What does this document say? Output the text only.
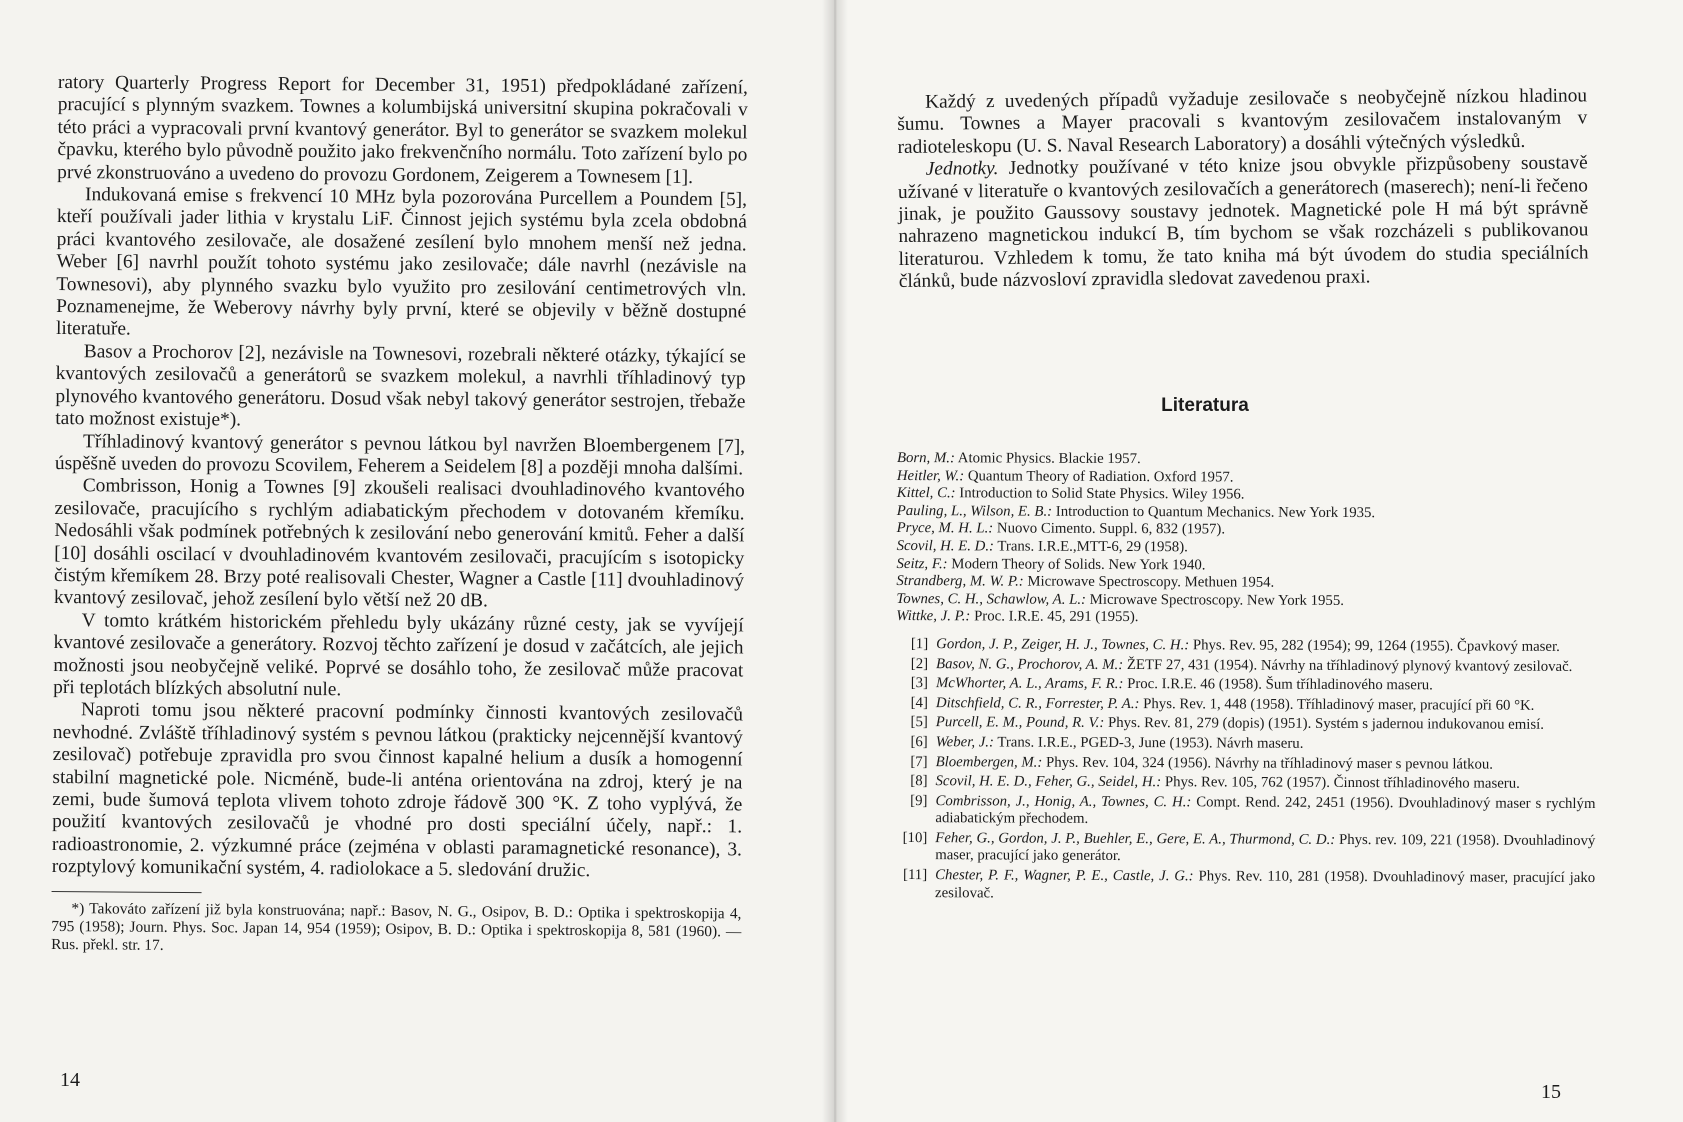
ratory Quarterly Progress Report for December 31, 1951) předpokládané zařízení, pracující s plynným svazkem. Townes a kolumbijská universitní skupina pokračovali v této práci a vypracovali první kvantový generátor. Byl to generátor se svazkem molekul čpavku, kterého bylo původně použito jako frekvenčního normálu. Toto zařízení bylo po prvé zkonstruováno a uvedeno do provozu Gordonem, Zeigerem a Townesem [1].

Indukovaná emise s frekvencí 10 MHz byla pozorována Purcellem a Poundem [5], kteří používali jader lithia v krystalu LiF. Činnost jejich systému byla zcela obdobná práci kvantového zesilovače, ale dosažené zesílení bylo mnohem menší než jedna. Weber [6] navrhl použít tohoto systému jako zesilovače; dále navrhl (nezávisle na Townesovi), aby plynného svazku bylo využito pro zesilování centimetrových vln. Poznamenejme, že Weberovy návrhy byly první, které se objevily v běžně dostupné literatuře.

Basov a Prochorov [2], nezávisle na Townesovi, rozebrali některé otázky, týkající se kvantových zesilovačů a generátorů se svazkem molekul, a navrhli tříhladinový typ plynového kvantového generátoru. Dosud však nebyl takový generátor sestrojen, třebaže tato možnost existuje*).

Tříhladinový kvantový generátor s pevnou látkou byl navržen Bloembergenem [7], úspěšně uveden do provozu Scovilem, Feherem a Seidelem [8] a později mnoha dalšími.

Combrisson, Honig a Townes [9] zkoušeli realisaci dvouhladinového kvantového zesilovače, pracujícího s rychlým adiabatickým přechodem v dotovaném křemíku. Nedosáhli však podmínek potřebných k zesilování nebo generování kmitů. Feher a další [10] dosáhli oscilací v dvouhladinovém kvantovém zesilovači, pracujícím s isotopicky čistým křemíkem 28. Brzy poté realisovali Chester, Wagner a Castle [11] dvouhladinový kvantový zesilovač, jehož zesílení bylo větší než 20 dB.

V tomto krátkém historickém přehledu byly ukázány různé cesty, jak se vyvíjejí kvantové zesilovače a generátory. Rozvoj těchto zařízení je dosud v začátcích, ale jejich možnosti jsou neobyčejně veliké. Poprvé se dosáhlo toho, že zesilovač může pracovat při teplotách blízkých absolutní nule.

Naproti tomu jsou některé pracovní podmínky činnosti kvantových zesilovačů nevhodné. Zvláště tříhladinový systém s pevnou látkou (prakticky nejcennější kvantový zesilovač) potřebuje zpravidla pro svou činnost kapalné helium a dusík a homogenní stabilní magnetické pole. Nicméně, bude-li anténa orientována na zdroj, který je na zemi, bude šumová teplota vlivem tohoto zdroje řádově 300 °K. Z toho vyplývá, že použití kvantových zesilovačů je vhodné pro dosti speciální účely, např.: 1. radioastronomie, 2. výzkumné práce (zejména v oblasti paramagnetické resonance), 3. rozptylový komunikační systém, 4. radiolokace a 5. sledování družic.

*) Takováto zařízení již byla konstruována; např.: Basov, N. G., Osipov, B. D.: Optika i spektroskopija 4, 795 (1958); Journ. Phys. Soc. Japan 14, 954 (1959); Osipov, B. D.: Optika i spektroskopija 8, 581 (1960). — Rus. překl. str. 17.

14

Každý z uvedených případů vyžaduje zesilovače s neobyčejně nízkou hladinou šumu. Townes a Mayer pracovali s kvantovým zesilovačem instalovaným v radioteleskopu (U. S. Naval Research Laboratory) a dosáhli výtečných výsledků.

Jednotky. Jednotky používané v této knize jsou obvykle přizpůsobeny soustavě užívané v literatuře o kvantových zesilovačích a generátorech (maserech); není-li řečeno jinak, je použito Gaussovy soustavy jednotek. Magnetické pole H má být správně nahrazeno magnetickou indukcí B, tím bychom se však rozcházeli s publikovanou literaturou. Vzhledem k tomu, že tato kniha má být úvodem do studia speciálních článků, bude názvosloví zpravidla sledovat zavedenou praxi.

Literatura

Born, M.: Atomic Physics. Blackie 1957.

Heitler, W.: Quantum Theory of Radiation. Oxford 1957.

Kittel, C.: Introduction to Solid State Physics. Wiley 1956.

Pauling, L., Wilson, E. B.: Introduction to Quantum Mechanics. New York 1935.

Pryce, M. H. L.: Nuovo Cimento. Suppl. 6, 832 (1957).

Scovil, H. E. D.: Trans. I.R.E.,MTT-6, 29 (1958).

Seitz, F.: Modern Theory of Solids. New York 1940.

Strandberg, M. W. P.: Microwave Spectroscopy. Methuen 1954.

Townes, C. H., Schawlow, A. L.: Microwave Spectroscopy. New York 1955.

Wittke, J. P.: Proc. I.R.E. 45, 291 (1955).

[1] Gordon, J. P., Zeiger, H. J., Townes, C. H.: Phys. Rev. 95, 282 (1954); 99, 1264 (1955). Čpavkový maser.
[2] Basov, N. G., Prochorov, A. M.: ŽETF 27, 431 (1954). Návrhy na tříhladinový plynový kvantový zesilovač.
[3] McWhorter, A. L., Arams, F. R.: Proc. I.R.E. 46 (1958). Šum tříhladinového maseru.
[4] Ditschfield, C. R., Forrester, P. A.: Phys. Rev. 1, 448 (1958). Tříhladinový maser, pracující při 60 °K.
[5] Purcell, E. M., Pound, R. V.: Phys. Rev. 81, 279 (dopis) (1951). Systém s jadernou indukovanou emisí.
[6] Weber, J.: Trans. I.R.E., PGED-3, June (1953). Návrh maseru.
[7] Bloembergen, M.: Phys. Rev. 104, 324 (1956). Návrhy na tříhladinový maser s pevnou látkou.
[8] Scovil, H. E. D., Feher, G., Seidel, H.: Phys. Rev. 105, 762 (1957). Činnost tříhladinového maseru.
[9] Combrisson, J., Honig, A., Townes, C. H.: Compt. Rend. 242, 2451 (1956). Dvouhladinový maser s rychlým adiabatickým přechodem.
[10] Feher, G., Gordon, J. P., Buehler, E., Gere, E. A., Thurmond, C. D.: Phys. rev. 109, 221 (1958). Dvouhladinový maser, pracující jako generátor.
[11] Chester, P. F., Wagner, P. E., Castle, J. G.: Phys. Rev. 110, 281 (1958). Dvouhladinový maser, pracující jako zesilovač.
15
